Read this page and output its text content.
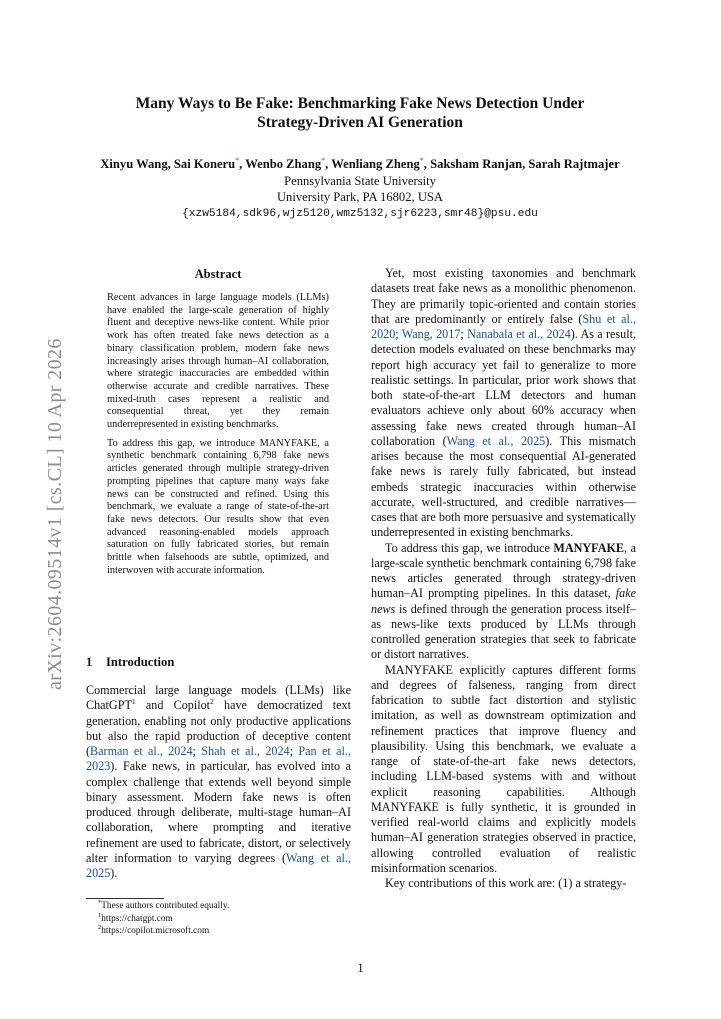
arXiv:2604.09514v1 [cs.CL] 10 Apr 2026
Many Ways to Be Fake: Benchmarking Fake News Detection Under
Strategy-Driven AI Generation
Xinyu Wang, Sai Koneru*, Wenbo Zhang*, Wenliang Zheng*, Saksham Ranjan, Sarah Rajtmajer
Pennsylvania State University
University Park, PA 16802, USA
{xzw5184,sdk96,wjz5120,wmz5132,sjr6223,smr48}@psu.edu
Abstract

Recent advances in large language models (LLMs) have enabled the large-scale generation of highly fluent and deceptive news-like content. While prior work has often treated fake news detection as a binary classification problem, modern fake news increasingly arises through human–AI collaboration, where strategic inaccuracies are embedded within otherwise accurate and credible narratives. These mixed-truth cases represent a realistic and consequential threat, yet they remain underrepresented in existing benchmarks.

To address this gap, we introduce MANYFAKE, a synthetic benchmark containing 6,798 fake news articles generated through multiple strategy-driven prompting pipelines that capture many ways fake news can be constructed and refined. Using this benchmark, we evaluate a range of state-of-the-art fake news detectors. Our results show that even advanced reasoning-enabled models approach saturation on fully fabricated stories, but remain brittle when falsehoods are subtle, optimized, and interwoven with accurate information.

1 Introduction

Commercial large language models (LLMs) like ChatGPT$^1$ and Copilot$^2$ have democratized text generation, enabling not only productive applications but also the rapid production of deceptive content (Barman et al., 2024; Shah et al., 2024; Pan et al., 2023). Fake news, in particular, has evolved into a complex challenge that extends well beyond simple binary assessment. Modern fake news is often produced through deliberate, multi-stage human–AI collaboration, where prompting and iterative refinement are used to fabricate, distort, or selectively alter information to varying degrees (Wang et al., 2025).

*These authors contributed equally.
$^1$https://chatgpt.com
$^2$https://copilot.microsoft.com

Yet, most existing taxonomies and benchmark datasets treat fake news as a monolithic phenomenon. They are primarily topic-oriented and contain stories that are predominantly or entirely false (Shu et al., 2020; Wang, 2017; Nanabala et al., 2024). As a result, detection models evaluated on these benchmarks may report high accuracy yet fail to generalize to more realistic settings. In particular, prior work shows that both state-of-the-art LLM detectors and human evaluators achieve only about 60% accuracy when assessing fake news created through human–AI collaboration (Wang et al., 2025). This mismatch arises because the most consequential AI-generated fake news is rarely fully fabricated, but instead embeds strategic inaccuracies within otherwise accurate, well-structured, and credible narratives—cases that are both more persuasive and systematically underrepresented in existing benchmarks.

To address this gap, we introduce MANYFAKE, a large-scale synthetic benchmark containing 6,798 fake news articles generated through strategy-driven human–AI prompting pipelines. In this dataset, fake news is defined through the generation process itself–as news-like texts produced by LLMs through controlled generation strategies that seek to fabricate or distort narratives.

MANYFAKE explicitly captures different forms and degrees of falseness, ranging from direct fabrication to subtle fact distortion and stylistic imitation, as well as downstream optimization and refinement practices that improve fluency and plausibility. Using this benchmark, we evaluate a range of state-of-the-art fake news detectors, including LLM-based systems with and without explicit reasoning capabilities. Although MANYFAKE is fully synthetic, it is grounded in verified real-world claims and explicitly models human–AI generation strategies observed in practice, allowing controlled evaluation of realistic misinformation scenarios.

Key contributions of this work are: (1) a strategy-

1
